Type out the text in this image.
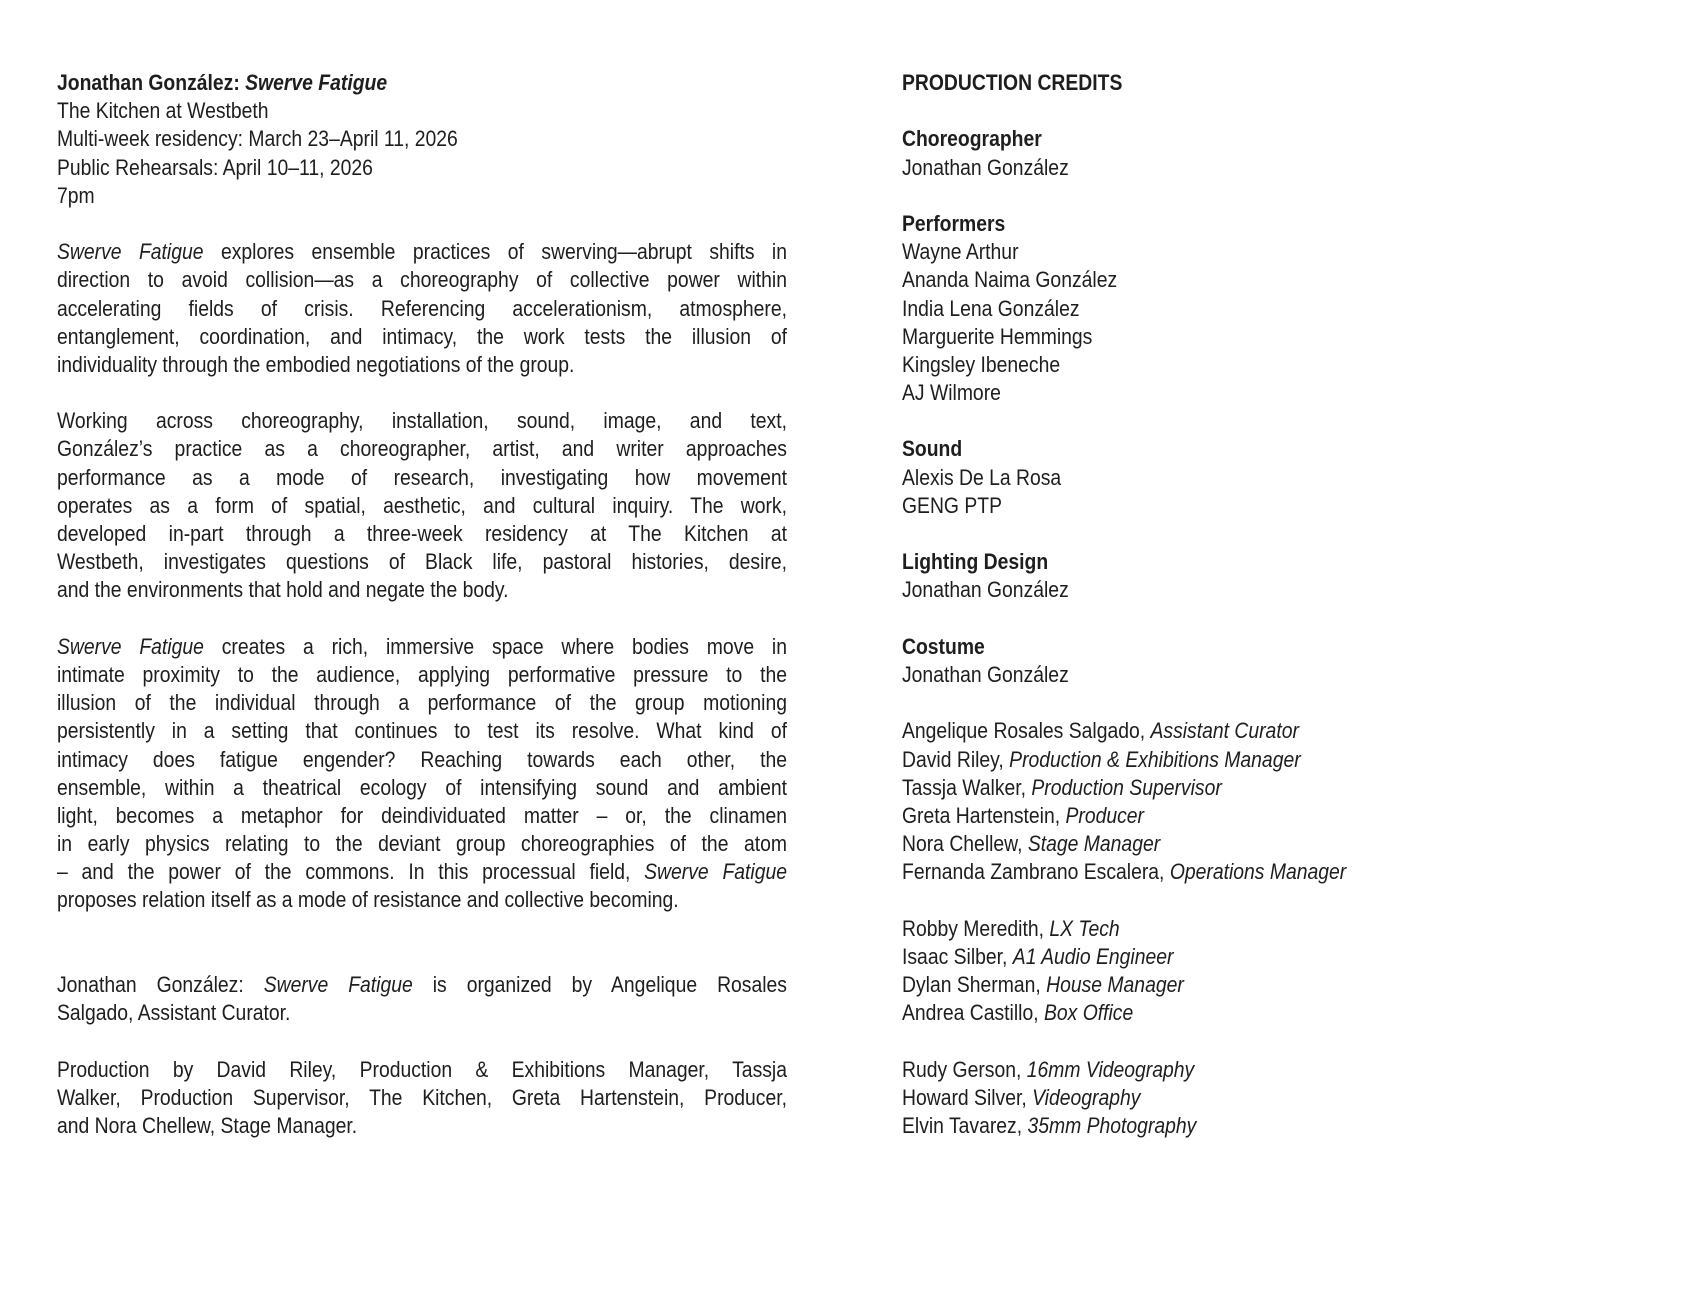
Jonathan González: Swerve Fatigue
The Kitchen at Westbeth
Multi-week residency: March 23–April 11, 2026
Public Rehearsals: April 10–11, 2026
7pm
Swerve Fatigue explores ensemble practices of swerving—abrupt shifts in
direction to avoid collision—as a choreography of collective power within
accelerating fields of crisis. Referencing accelerationism, atmosphere,
entanglement, coordination, and intimacy, the work tests the illusion of
individuality through the embodied negotiations of the group.
Working across choreography, installation, sound, image, and text,
González’s practice as a choreographer, artist, and writer approaches
performance as a mode of research, investigating how movement
operates as a form of spatial, aesthetic, and cultural inquiry. The work,
developed in-part through a three-week residency at The Kitchen at
Westbeth, investigates questions of Black life, pastoral histories, desire,
and the environments that hold and negate the body.
Swerve Fatigue creates a rich, immersive space where bodies move in
intimate proximity to the audience, applying performative pressure to the
illusion of the individual through a performance of the group motioning
persistently in a setting that continues to test its resolve. What kind of
intimacy does fatigue engender? Reaching towards each other, the
ensemble, within a theatrical ecology of intensifying sound and ambient
light, becomes a metaphor for deindividuated matter – or, the clinamen
in early physics relating to the deviant group choreographies of the atom
– and the power of the commons. In this processual field, Swerve Fatigue
proposes relation itself as a mode of resistance and collective becoming.
Jonathan González: Swerve Fatigue is organized by Angelique Rosales
Salgado, Assistant Curator.
Production by David Riley, Production & Exhibitions Manager, Tassja
Walker, Production Supervisor, The Kitchen, Greta Hartenstein, Producer,
and Nora Chellew, Stage Manager.
PRODUCTION CREDITS
Choreographer
Jonathan González
Performers
Wayne Arthur
Ananda Naima González
India Lena González
Marguerite Hemmings
Kingsley Ibeneche
AJ Wilmore
Sound
Alexis De La Rosa
GENG PTP
Lighting Design
Jonathan González
Costume
Jonathan González
Angelique Rosales Salgado, Assistant Curator
David Riley, Production & Exhibitions Manager
Tassja Walker, Production Supervisor
Greta Hartenstein, Producer
Nora Chellew, Stage Manager
Fernanda Zambrano Escalera, Operations Manager
Robby Meredith, LX Tech
Isaac Silber, A1 Audio Engineer
Dylan Sherman, House Manager
Andrea Castillo, Box Office
Rudy Gerson, 16mm Videography
Howard Silver, Videography
Elvin Tavarez, 35mm Photography
